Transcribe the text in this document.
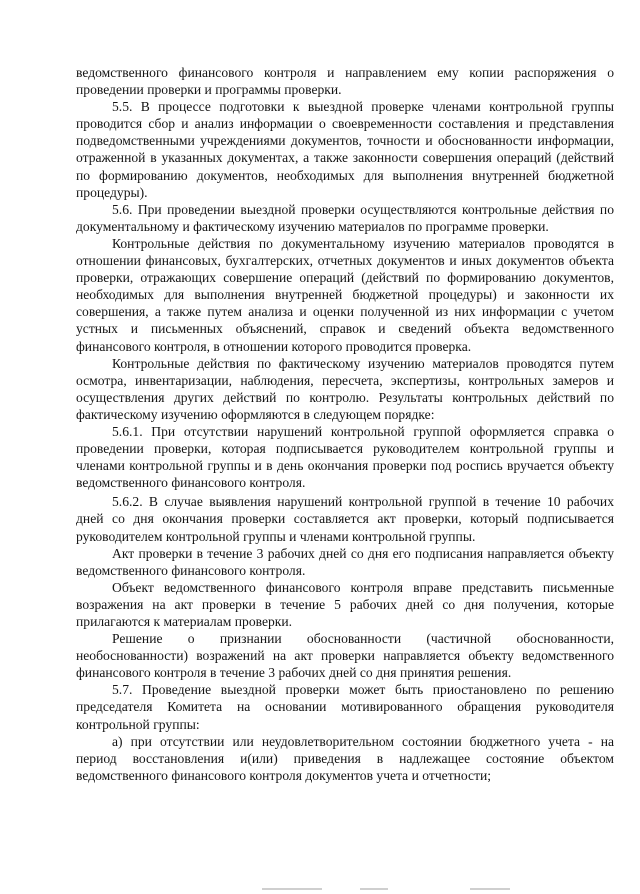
ведомственного финансового контроля и направлением ему копии распоряжения о проведении проверки и программы проверки.

5.5. В процессе подготовки к выездной проверке членами контрольной группы проводится сбор и анализ информации о своевременности составления и представления подведомственными учреждениями документов, точности и обоснованности информации, отраженной в указанных документах, а также законности совершения операций (действий по формированию документов, необходимых для выполнения внутренней бюджетной процедуры).

5.6. При проведении выездной проверки осуществляются контрольные действия по документальному и фактическому изучению материалов по программе проверки.

Контрольные действия по документальному изучению материалов проводятся в отношении финансовых, бухгалтерских, отчетных документов и иных документов объекта проверки, отражающих совершение операций (действий по формированию документов, необходимых для выполнения внутренней бюджетной процедуры) и законности их совершения, а также путем анализа и оценки полученной из них информации с учетом устных и письменных объяснений, справок и сведений объекта ведомственного финансового контроля, в отношении которого проводится проверка.

Контрольные действия по фактическому изучению материалов проводятся путем осмотра, инвентаризации, наблюдения, пересчета, экспертизы, контрольных замеров и осуществления других действий по контролю. Результаты контрольных действий по фактическому изучению оформляются в следующем порядке:

5.6.1. При отсутствии нарушений контрольной группой оформляется справка о проведении проверки, которая подписывается руководителем контрольной группы и членами контрольной группы и в день окончания проверки под роспись вручается объекту ведомственного финансового контроля.

5.6.2. В случае выявления нарушений контрольной группой в течение 10 рабочих дней со дня окончания проверки составляется акт проверки, который подписывается руководителем контрольной группы и членами контрольной группы.

Акт проверки в течение 3 рабочих дней со дня его подписания направляется объекту ведомственного финансового контроля.

Объект ведомственного финансового контроля вправе представить письменные возражения на акт проверки в течение 5 рабочих дней со дня получения, которые прилагаются к материалам проверки.

Решение о признании обоснованности (частичной обоснованности, необоснованности) возражений на акт проверки направляется объекту ведомственного финансового контроля в течение 3 рабочих дней со дня принятия решения.

5.7. Проведение выездной проверки может быть приостановлено по решению председателя Комитета на основании мотивированного обращения руководителя контрольной группы:

а) при отсутствии или неудовлетворительном состоянии бюджетного учета - на период восстановления и(или) приведения в надлежащее состояние объектом ведомственного финансового контроля документов учета и отчетности;
